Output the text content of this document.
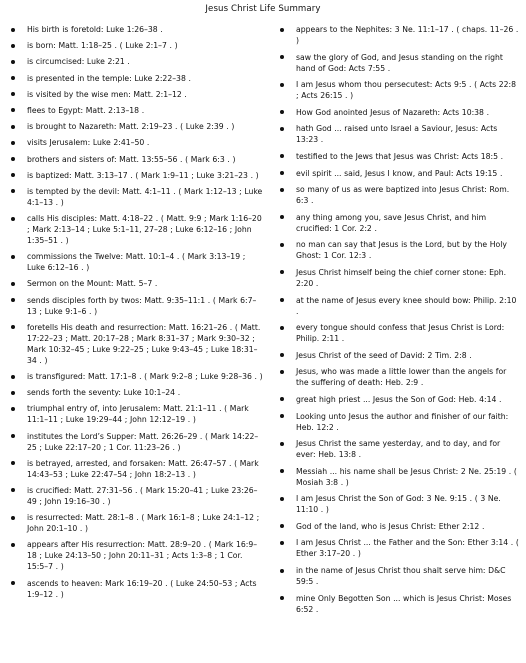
Jesus Christ Life Summary
His birth is foretold: Luke 1:26–38 .
is born: Matt. 1:18–25 . ( Luke 2:1–7 . )
is circumcised: Luke 2:21 .
is presented in the temple: Luke 2:22–38 .
is visited by the wise men: Matt. 2:1–12 .
flees to Egypt: Matt. 2:13–18 .
is brought to Nazareth: Matt. 2:19–23 . ( Luke 2:39 . )
visits Jerusalem: Luke 2:41–50 .
brothers and sisters of: Matt. 13:55–56 . ( Mark 6:3 . )
is baptized: Matt. 3:13–17 . ( Mark 1:9–11 ; Luke 3:21–23 . )
is tempted by the devil: Matt. 4:1–11 . ( Mark 1:12–13 ; Luke 4:1–13 . )
calls His disciples: Matt. 4:18–22 . ( Matt. 9:9 ; Mark 1:16–20 ; Mark 2:13–14 ; Luke 5:1–11, 27–28 ; Luke 6:12–16 ; John 1:35–51 . )
commissions the Twelve: Matt. 10:1–4 . ( Mark 3:13–19 ; Luke 6:12–16 . )
Sermon on the Mount: Matt. 5–7 .
sends disciples forth by twos: Matt. 9:35–11:1 . ( Mark 6:7–13 ; Luke 9:1–6 . )
foretells His death and resurrection: Matt. 16:21–26 . ( Matt. 17:22–23 ; Matt. 20:17–28 ; Mark 8:31–37 ; Mark 9:30–32 ; Mark 10:32–45 ; Luke 9:22–25 ; Luke 9:43–45 ; Luke 18:31–34 . )
is transfigured: Matt. 17:1–8 . ( Mark 9:2–8 ; Luke 9:28–36 . )
sends forth the seventy: Luke 10:1–24 .
triumphal entry of, into Jerusalem: Matt. 21:1–11 . ( Mark 11:1–11 ; Luke 19:29–44 ; John 12:12–19 . )
institutes the Lord’s Supper: Matt. 26:26–29 . ( Mark 14:22–25 ; Luke 22:17–20 ; 1 Cor. 11:23–26 . )
is betrayed, arrested, and forsaken: Matt. 26:47–57 . ( Mark 14:43–53 ; Luke 22:47–54 ; John 18:2–13 . )
is crucified: Matt. 27:31–56 . ( Mark 15:20–41 ; Luke 23:26–49 ; John 19:16–30 . )
is resurrected: Matt. 28:1–8 . ( Mark 16:1–8 ; Luke 24:1–12 ; John 20:1–10 . )
appears after His resurrection: Matt. 28:9–20 . ( Mark 16:9–18 ; Luke 24:13–50 ; John 20:11–31 ; Acts 1:3–8 ; 1 Cor. 15:5–7 . )
ascends to heaven: Mark 16:19–20 . ( Luke 24:50–53 ; Acts 1:9–12 . )
appears to the Nephites: 3 Ne. 11:1–17 . ( chaps. 11–26 . )
saw the glory of God, and Jesus standing on the right hand of God: Acts 7:55 .
I am Jesus whom thou persecutest: Acts 9:5 . ( Acts 22:8 ; Acts 26:15 . )
How God anointed Jesus of Nazareth: Acts 10:38 .
hath God ... raised unto Israel a Saviour, Jesus: Acts 13:23 .
testified to the Jews that Jesus was Christ: Acts 18:5 .
evil spirit ... said, Jesus I know, and Paul: Acts 19:15 .
so many of us as were baptized into Jesus Christ: Rom. 6:3 .
any thing among you, save Jesus Christ, and him crucified: 1 Cor. 2:2 .
no man can say that Jesus is the Lord, but by the Holy Ghost: 1 Cor. 12:3 .
Jesus Christ himself being the chief corner stone: Eph. 2:20 .
at the name of Jesus every knee should bow: Philip. 2:10 .
every tongue should confess that Jesus Christ is Lord: Philip. 2:11 .
Jesus Christ of the seed of David: 2 Tim. 2:8 .
Jesus, who was made a little lower than the angels for the suffering of death: Heb. 2:9 .
great high priest ... Jesus the Son of God: Heb. 4:14 .
Looking unto Jesus the author and finisher of our faith: Heb. 12:2 .
Jesus Christ the same yesterday, and to day, and for ever: Heb. 13:8 .
Messiah ... his name shall be Jesus Christ: 2 Ne. 25:19 . ( Mosiah 3:8 . )
I am Jesus Christ the Son of God: 3 Ne. 9:15 . ( 3 Ne. 11:10 . )
God of the land, who is Jesus Christ: Ether 2:12 .
I am Jesus Christ ... the Father and the Son: Ether 3:14 . ( Ether 3:17–20 . )
in the name of Jesus Christ thou shalt serve him: D&C 59:5 .
mine Only Begotten Son ... which is Jesus Christ: Moses 6:52 .
